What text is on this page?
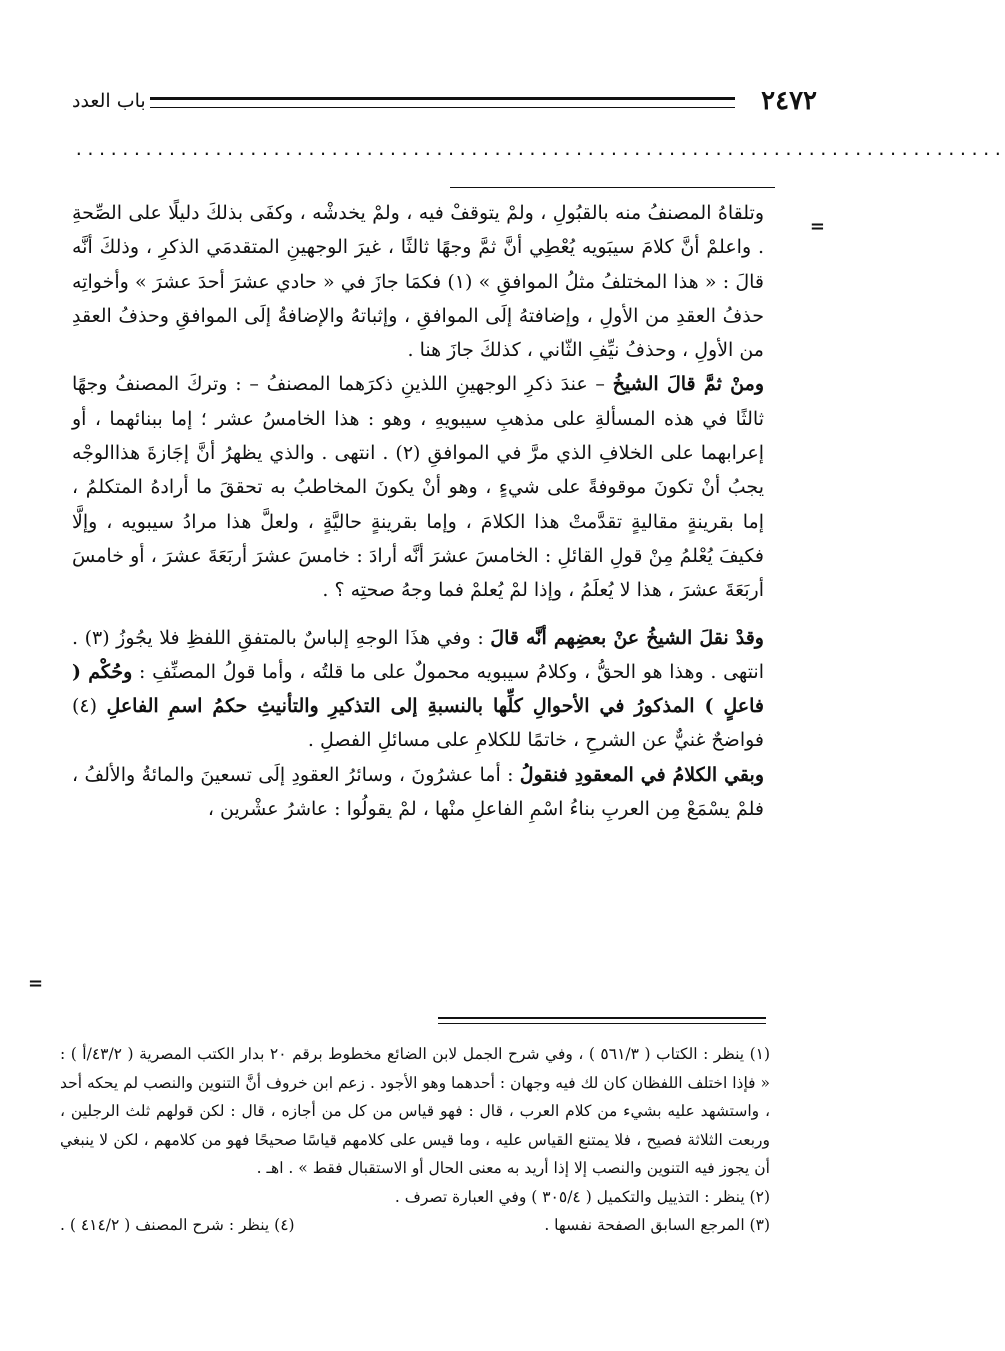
٢٤٧٢
باب العدد
................................................................................
=

وتلقاهُ المصنفُ منه بالقبُولِ ، ولمْ يتوقفْ فيه ، ولمْ يخدشْه ، وكفَى بذلكَ دليلًا على الصِّحةِ . واعلمْ أنَّ كلامَ سيبَويه يُعْطِي أنَّ ثمَّ وجهًا ثالثًا ، غيرَ الوجهينِ المتقدمَي الذكرِ ، وذلكَ أنَّه قالَ : « هذا المختلفُ مثلُ الموافقِ » (١) فكمَا جازَ في « حادي عشرَ أحدَ عشرَ » وأخواتِه حذفُ العقدِ من الأولِ ، وإضافتهُ إلَى الموافقِ ، وإثباتهُ والإضافةُ إلَى الموافقِ وحذفُ العقدِ من الأولِ ، وحذفُ نيِّفِ الثّاني ، كذلكَ جازَ هنا .

ومنْ ثمَّ قالَ الشيخُ – عندَ ذكرِ الوجهينِ اللذينِ ذكرَهما المصنفُ – : وتركَ المصنفُ وجهًا ثالثًا في هذه المسألةِ على مذهبِ سيبويهِ ، وهو : هذا الخامسُ عشر ؛ إما ببنائهما ، أو إعرابهما على الخلافِ الذي مرَّ في الموافقِ (٢) . انتهى . والذي يظهرُ أنَّ إجَازةَ هذاالوجْه يجبُ أنْ تكونَ موقوفةً على شيءٍ ، وهو أنْ يكونَ المخاطبُ به تحققَ ما أرادهُ المتكلمُ ، إما بقرينةٍ مقاليةٍ تقدَّمتْ هذا الكلامَ ، وإما بقرينةٍ حاليَّةٍ ، ولعلَّ هذا مرادُ سيبويه ، وإلَّا فكيفَ يُعْلمُ مِنْ قولِ القائلِ : الخامسَ عشرَ أنَّه أرادَ : خامسَ عشرَ أربَعَةَ عشرَ ، أو خامسَ أربَعَةَ عشرَ ، هذا لا يُعلَمُ ، وإذا لمْ يُعلمْ فما وجهُ صحتِه ؟ .

وقدْ نقلَ الشيخُ عنْ بعضِهم أنَّه قالَ : وفي هذَا الوجهِ إلباسٌ بالمتفقِ اللفظِ فلا يجُوزُ (٣) . انتهى . وهذا هو الحقُّ ، وكلامُ سيبويه محمولٌ على ما قلتُه ، وأما قولُ المصنِّفِ : وحُكْم ( فاعلٍ ) المذكورُ في الأحوالِ كلِّها بالنسبةِ إلى التذكيرِ والتأنيثِ حكمُ اسمِ الفاعلِ (٤) فواضحٌ غنيٌّ عن الشرحِ ، خاتمًا للكلامِ على مسائلِ الفصلِ .

وبقي الكلامُ في المعقودِ فنقولُ : أما عشرُونَ ، وسائرُ العقودِ إلَى تسعينَ والمائةُ والألفُ ، فلمْ يسْمَعْ مِن العربِ بناءُ اسْمِ الفاعلِ منْها ، لمْ يقولُوا : عاشرُ عشْرين ،

=

(١) ينظر : الكتاب ( ٥٦١/٣ ) ، وفي شرح الجمل لابن الضائع مخطوط برقم ٢٠ بدار الكتب المصرية ( ٤٣/٢/أ ) : « فإذا اختلف اللفظان كان لك فيه وجهان : أحدهما وهو الأجود . زعم ابن خروف أنَّ التنوين والنصب لم يحكه أحد ، واستشهد عليه بشيء من كلام العرب ، قال : فهو قياس من كل من أجازه ، قال : لكن قولهم ثلث الرجلين ، وربعت الثلاثة فصيح ، فلا يمتنع القياس عليه ، وما قيس على كلامهم قياسًا صحيحًا فهو من كلامهم ، لكن لا ينبغي أن يجوز فيه التنوين والنصب إلا إذا أريد به معنى الحال أو الاستقبال فقط » . اهـ .

(٢) ينظر : التذييل والتكميل ( ٣٠٥/٤ ) وفي العبارة تصرف .

(٣) المرجع السابق الصفحة نفسها .
(٤) ينظر : شرح المصنف ( ٤١٤/٢ ) .
